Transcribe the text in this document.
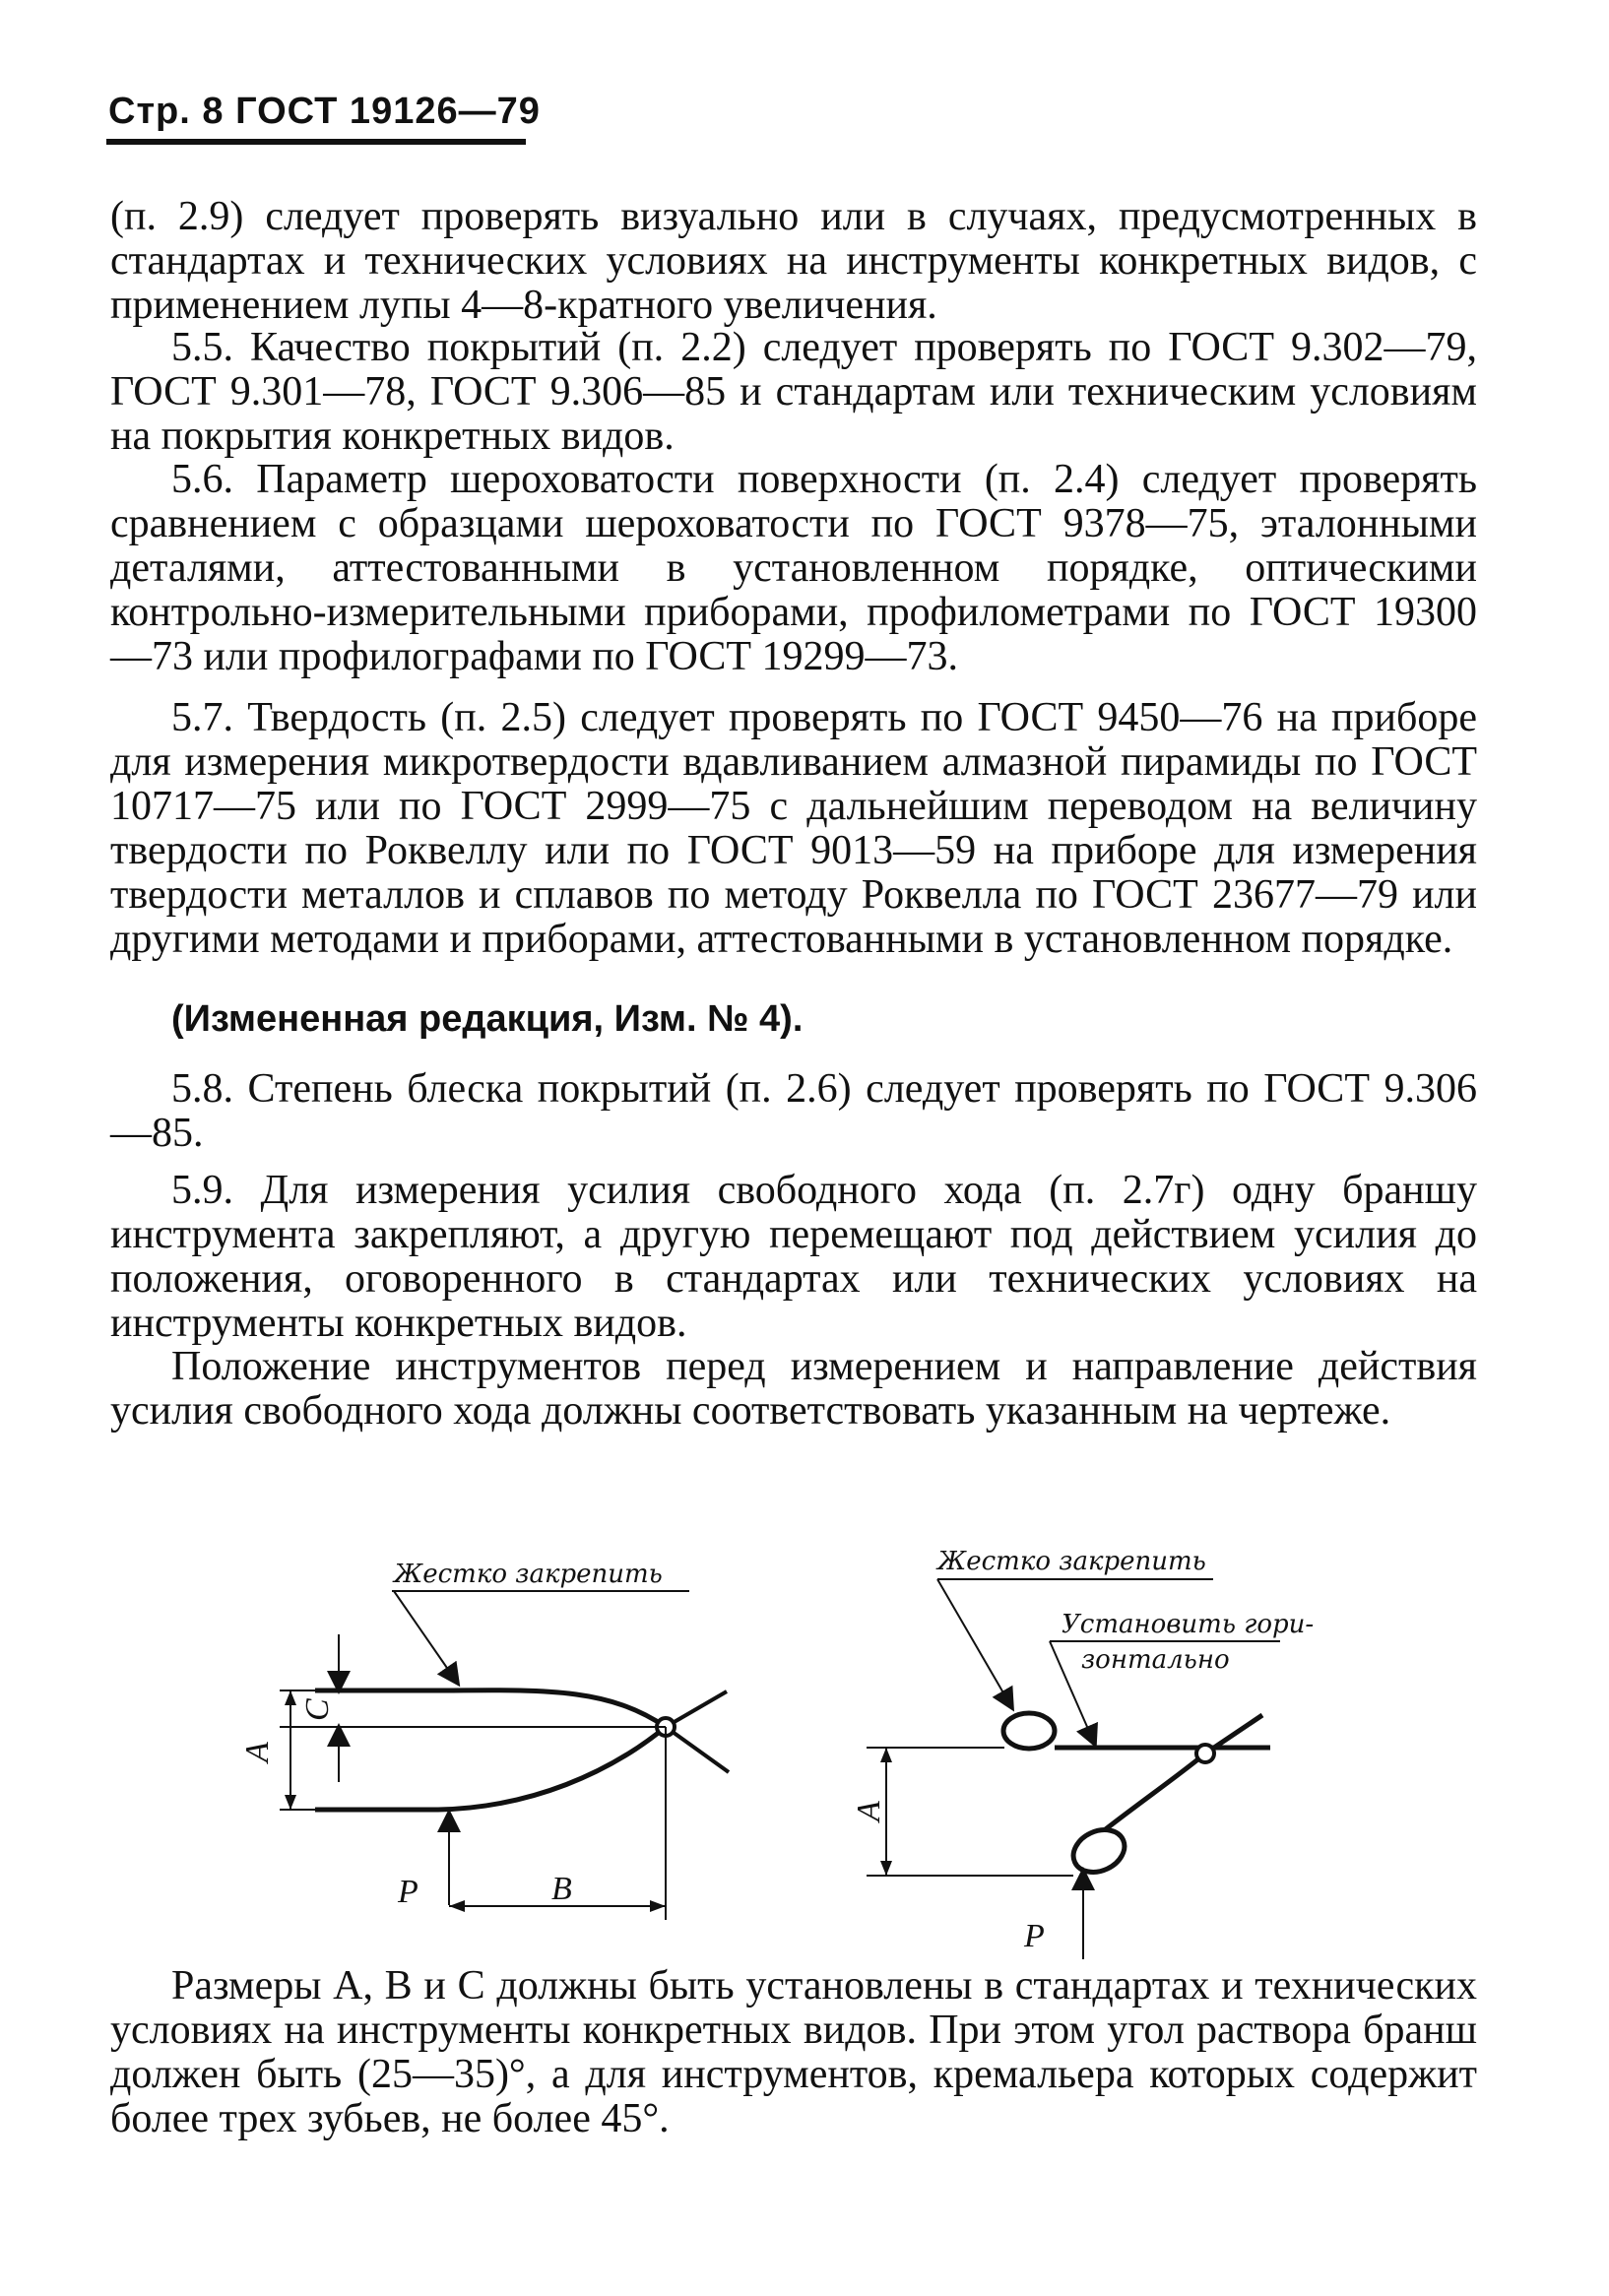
Стр. 8 ГОСТ 19126—79
(п. 2.9) следует проверять визуально или в случаях, предусмотренных в стандартах и технических условиях на инструменты конкретных видов, с применением лупы 4—8-кратного увеличения.
5.5. Качество покрытий (п. 2.2) следует проверять по ГОСТ 9.302—79, ГОСТ 9.301—78, ГОСТ 9.306—85 и стандартам или техническим условиям на покрытия конкретных видов.
5.6. Параметр шероховатости поверхности (п. 2.4) следует проверять сравнением с образцами шероховатости по ГОСТ 9378—75, эталонными деталями, аттестованными в установленном порядке, оптическими контрольно-измерительными приборами, профилометрами по ГОСТ 19300—73 или профилографами по ГОСТ 19299—73.
5.7. Твердость (п. 2.5) следует проверять по ГОСТ 9450—76 на приборе для измерения микротвердости вдавливанием алмазной пирамиды по ГОСТ 10717—75 или по ГОСТ 2999—75 с дальнейшим переводом на величину твердости по Роквеллу или по ГОСТ 9013—59 на приборе для измерения твердости металлов и сплавов по методу Роквелла по ГОСТ 23677—79 или другими методами и приборами, аттестованными в установленном порядке.
(Измененная редакция, Изм. № 4).
5.8. Степень блеска покрытий (п. 2.6) следует проверять по ГОСТ 9.306—85.
5.9. Для измерения усилия свободного хода (п. 2.7г) одну браншу инструмента закрепляют, а другую перемещают под действием усилия до положения, оговоренного в стандартах или технических условиях на инструменты конкретных видов.
Положение инструментов перед измерением и направление действия усилия свободного хода должны соответствовать указанным на чертеже.
Жестко закрепить
А
С
Р	В
Жестко закрепить
Установить гори-
зонтально
А
Р
Размеры А, В и С должны быть установлены в стандартах и технических условиях на инструменты конкретных видов. При этом угол раствора бранш должен быть (25—35)°, а для инструментов, кремальера которых содержит более трех зубьев, не более 45°.
